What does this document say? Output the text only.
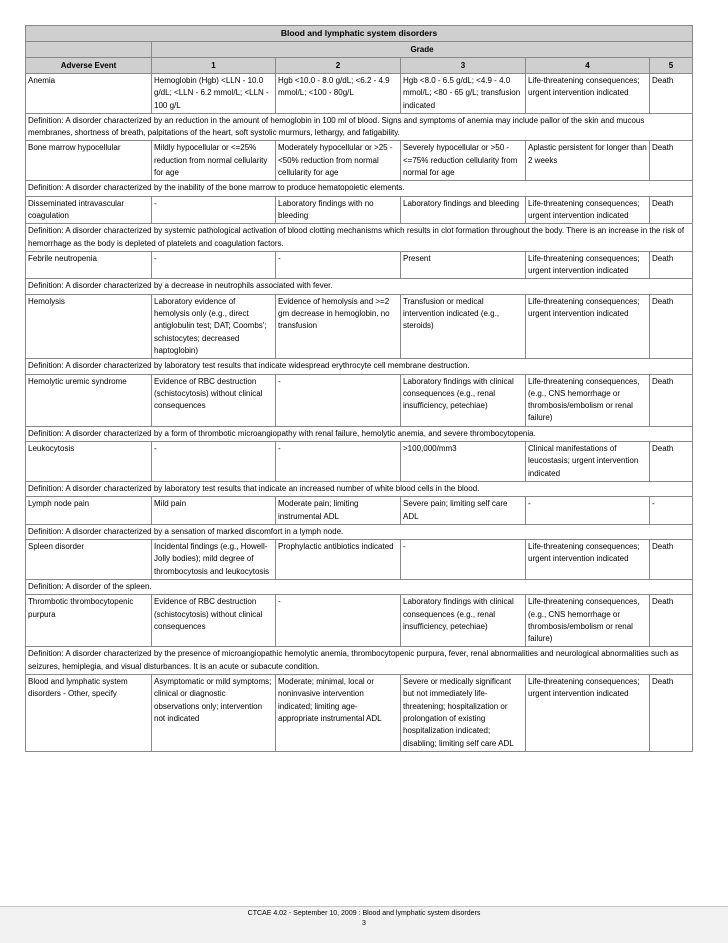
Blood and lymphatic system disorders					
	Grade				
Adverse Event	1	2	3	4	5
Anemia	Hemoglobin (Hgb) <LLN - 10.0 g/dL; <LLN - 6.2 mmol/L; <LLN - 100 g/L	Hgb <10.0 - 8.0 g/dL; <6.2 - 4.9 mmol/L; <100 - 80g/L	Hgb <8.0 - 6.5 g/dL; <4.9 - 4.0 mmol/L; <80 - 65 g/L; transfusion indicated	Life-threatening consequences; urgent intervention indicated	Death
Definition: A disorder characterized by an reduction in the amount of hemoglobin in 100 ml of blood. Signs and symptoms of anemia may include pallor of the skin and mucous membranes, shortness of breath, palpitations of the heart, soft systolic murmurs, lethargy, and fatigability.					
Bone marrow hypocellular	Mildly hypocellular or <=25% reduction from normal cellularity for age	Moderately hypocellular or >25 - <50% reduction from normal cellularity for age	Severely hypocellular or >50 - <=75% reduction cellularity from normal for age	Aplastic persistent for longer than 2 weeks	Death
Definition: A disorder characterized by the inability of the bone marrow to produce hematopoietic elements.					
Disseminated intravascular coagulation	-	Laboratory findings with no bleeding	Laboratory findings and bleeding	Life-threatening consequences; urgent intervention indicated	Death
Definition: A disorder characterized by systemic pathological activation of blood clotting mechanisms which results in clot formation throughout the body. There is an increase in the risk of hemorrhage as the body is depleted of platelets and coagulation factors.					
Febrile neutropenia	-	-	Present	Life-threatening consequences; urgent intervention indicated	Death
Definition: A disorder characterized by a decrease in neutrophils associated with fever.					
Hemolysis	Laboratory evidence of hemolysis only (e.g., direct antiglobulin test; DAT; Coombs'; schistocytes; decreased haptoglobin)	Evidence of hemolysis and >=2 gm decrease in hemoglobin, no transfusion	Transfusion or medical intervention indicated (e.g., steroids)	Life-threatening consequences; urgent intervention indicated	Death
Definition: A disorder characterized by laboratory test results that indicate widespread erythrocyte cell membrane destruction.					
Hemolytic uremic syndrome	Evidence of RBC destruction (schistocytosis) without clinical consequences	-	Laboratory findings with clinical consequences (e.g., renal insufficiency, petechiae)	Life-threatening consequences, (e.g., CNS hemorrhage or thrombosis/embolism or renal failure)	Death
Definition: A disorder characterized by a form of thrombotic microangiopathy with renal failure, hemolytic anemia, and severe thrombocytopenia.					
Leukocytosis	-	-	>100,000/mm3	Clinical manifestations of leucostasis; urgent intervention indicated	Death
Definition: A disorder characterized by laboratory test results that indicate an increased number of white blood cells in the blood.					
Lymph node pain	Mild pain	Moderate pain; limiting instrumental ADL	Severe pain; limiting self care ADL	-	-
Definition: A disorder characterized by a sensation of marked discomfort in a lymph node.					
Spleen disorder	Incidental findings (e.g., Howell-Jolly bodies); mild degree of thrombocytosis and leukocytosis	Prophylactic antibiotics indicated	-	Life-threatening consequences; urgent intervention indicated	Death
Definition: A disorder of the spleen.					
Thrombotic thrombocytopenic purpura	Evidence of RBC destruction (schistocytosis) without clinical consequences	-	Laboratory findings with clinical consequences (e.g., renal insufficiency, petechiae)	Life-threatening consequences, (e.g., CNS hemorrhage or thrombosis/embolism or renal failure)	Death
Definition: A disorder characterized by the presence of microangiopathic hemolytic anemia, thrombocytopenic purpura, fever, renal abnormalities and neurological abnormalities such as seizures, hemiplegia, and visual disturbances. It is an acute or subacute condition.					
Blood and lymphatic system disorders - Other, specify	Asymptomatic or mild symptoms; clinical or diagnostic observations only; intervention not indicated	Moderate; minimal, local or noninvasive intervention indicated; limiting age-appropriate instrumental ADL	Severe or medically significant but not immediately life-threatening; hospitalization or prolongation of existing hospitalization indicated; disabling; limiting self care ADL	Life-threatening consequences; urgent intervention indicated	Death
CTCAE 4.02 - September 10, 2009 : Blood and lymphatic system disorders
3
